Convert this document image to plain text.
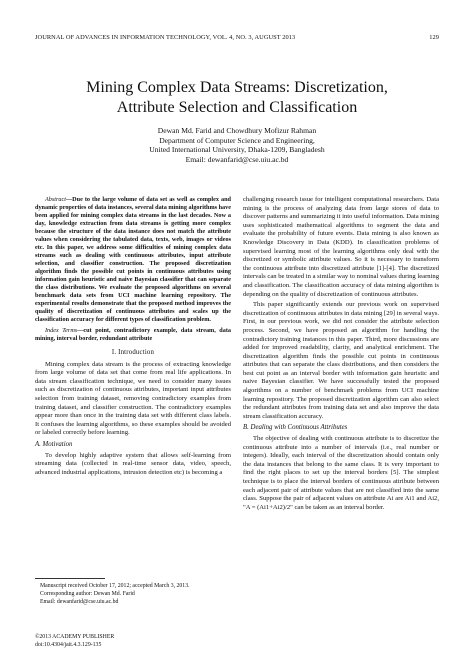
JOURNAL OF ADVANCES IN INFORMATION TECHNOLOGY, VOL. 4, NO. 3, AUGUST 2013	129
Mining Complex Data Streams: Discretization,
Attribute Selection and Classification
Dewan Md. Farid and Chowdhury Mofizur Rahman
Department of Computer Science and Engineering,
United International University, Dhaka-1209, Bangladesh
Email: dewanfarid@cse.uiu.ac.bd

Abstract—Due to the large volume of data set as well as complex and dynamic properties of data instances, several data mining algorithms have been applied for mining complex data streams in the last decades. Now a day, knowledge extraction from data streams is getting more complex because the structure of the data instance does not match the attribute values when considering the tabulated data, texts, web, images or videos etc. In this paper, we address some difficulties of mining complex data streams such as dealing with continuous attributes, input attribute selection, and classifier construction. The proposed discretization algorithm finds the possible cut points in continuous attributes using information gain heuristic and naive Bayesian classifier that can separate the class distributions. We evaluate the proposed algorithms on several benchmark data sets from UCI machine learning repository. The experimental results demonstrate that the proposed method improves the quality of discretization of continuous attributes and scales up the classification accuracy for different types of classification problem.

Index Terms—cut point, contradictory example, data stream, data mining, interval border, redundant attribute

I. Introduction

Mining complex data stream is the process of extracting knowledge from large volume of data set that come from real life applications. In data stream classification technique, we need to consider many issues such as discretization of continuous attributes, important input attributes selection from training dataset, removing contradictory examples from training dataset, and classifier construction. The contradictory examples appear more than once in the training data set with different class labels. It confuses the learning algorithms, so these examples should be avoided or labeled correctly before learning.

A. Motivation

To develop highly adaptive system that allows self-learning from streaming data (collected in real-time sensor data, video, speech, advanced industrial applications, intrusion detection etc) is becoming a

challenging research issue for intelligent computational researchers. Data mining is the process of analyzing data from large stores of data to discover patterns and summarizing it into useful information. Data mining uses sophisticated mathematical algorithms to segment the data and evaluate the probability of future events. Data mining is also known as Knowledge Discovery in Data (KDD). In classification problems of supervised learning most of the learning algorithms only deal with the discretized or symbolic attribute values. So it is necessary to transform the continuous attribute into discretized attribute [1]-[4]. The discretized intervals can be treated in a similar way to nominal values during learning and classification. The classification accuracy of data mining algorithm is depending on the quality of discretization of continuous attributes.

This paper significantly extends our previous work on supervised discretization of continuous attributes in data mining [29] in several ways. First, in our previous work, we did not consider the attribute selection process. Second, we have proposed an algorithm for handling the contradictory training instances in this paper. Third, more discussions are added for improved readability, clarity, and analytical enrichment. The discretization algorithm finds the possible cut points in continuous attributes that can separate the class distributions, and then considers the best cut point as an interval border with information gain heuristic and naive Bayesian classifier. We have successfully tested the proposed algorithms on a number of benchmark problems from UCI machine learning repository. The proposed discretization algorithm can also select the redundant attributes from training data set and also improve the data stream classification accuracy.

B. Dealing with Continuous Attributes

The objective of dealing with continuous attribute is to discretize the continuous attribute into a number of intervals (i.e., real number or integers). Ideally, each interval of the discretization should contain only the data instances that belong to the same class. It is very important to find the right places to set up the interval borders [5]. The simplest technique is to place the interval borders of continuous attribute between each adjacent pair of attribute values that are not classified into the same class. Suppose the pair of adjacent values on attribute Ai are Ai1 and Ai2, "A = (Ai1+Ai2)/2" can be taken as an interval border.

Manuscript received October 17, 2012; accepted March 3, 2013.
Corresponding author: Dewan Md. Farid
Email: dewanfarid@cse.uiu.ac.bd
©2013 ACADEMY PUBLISHER
doi:10.4304/jait.4.3.129-135
